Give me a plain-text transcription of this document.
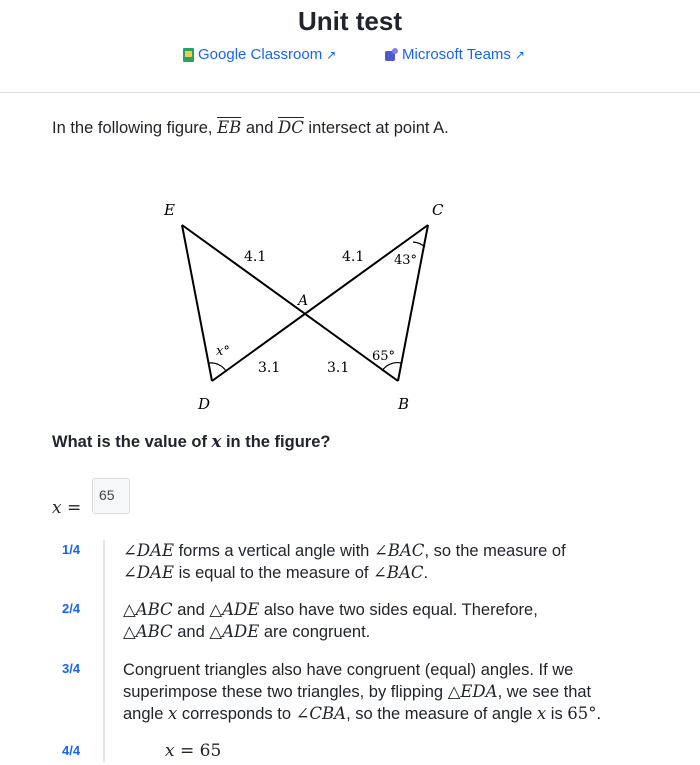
Unit test
Google Classroom ↗	Microsoft Teams ↗
In the following figure, $\overline{EB}$ and $\overline{DC}$ intersect at point A.
E	C
D	B
A
4.1	4.1
3.1	3.1
43°
65°
x°
What is the value of x in the figure?
x =
65
1/4	∠DAE forms a vertical angle with ∠BAC, so the measure of
∠DAE is equal to the measure of ∠BAC.
2/4	△ABC and △ADE also have two sides equal. Therefore,
△ABC and △ADE are congruent.
3/4	Congruent triangles also have congruent (equal) angles. If we
superimpose these two triangles, by flipping △EDA, we see that
angle x corresponds to ∠CBA, so the measure of angle x is 65°.
4/4	x = 65
